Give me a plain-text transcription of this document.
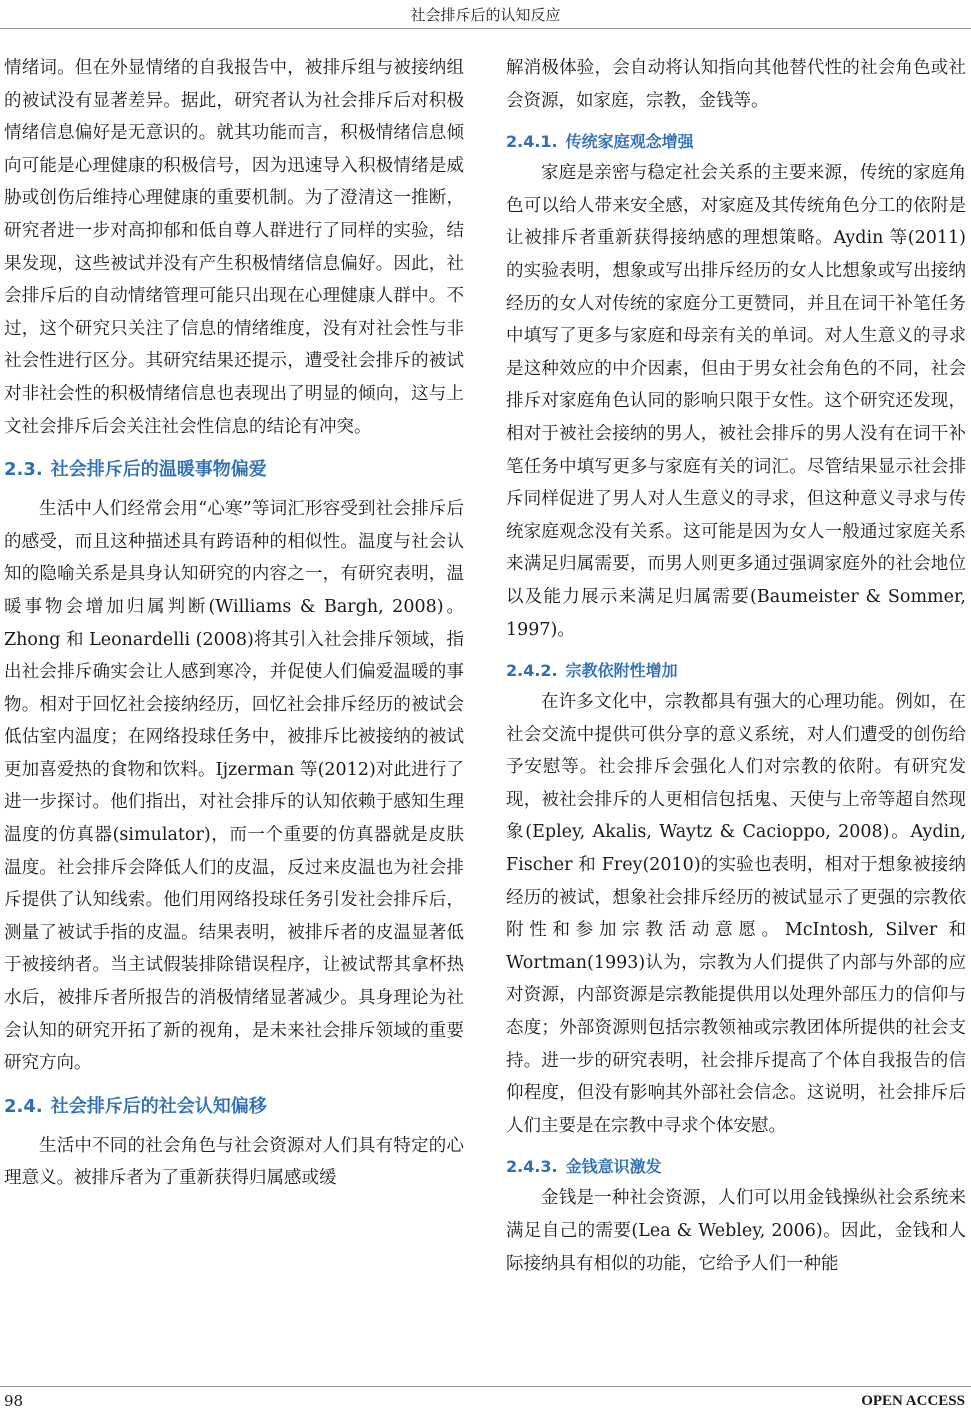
社会排斥后的认知反应

情绪词。但在外显情绪的自我报告中，被排斥组与被接纳组的被试没有显著差异。据此，研究者认为社会排斥后对积极情绪信息偏好是无意识的。就其功能而言，积极情绪信息倾向可能是心理健康的积极信号，因为迅速导入积极情绪是威胁或创伤后维持心理健康的重要机制。为了澄清这一推断，研究者进一步对高抑郁和低自尊人群进行了同样的实验，结果发现，这些被试并没有产生积极情绪信息偏好。因此，社会排斥后的自动情绪管理可能只出现在心理健康人群中。不过，这个研究只关注了信息的情绪维度，没有对社会性与非社会性进行区分。其研究结果还提示，遭受社会排斥的被试对非社会性的积极情绪信息也表现出了明显的倾向，这与上文社会排斥后会关注社会性信息的结论有冲突。

2.3. 社会排斥后的温暖事物偏爱

生活中人们经常会用“心寒”等词汇形容受到社会排斥后的感受，而且这种描述具有跨语种的相似性。温度与社会认知的隐喻关系是具身认知研究的内容之一，有研究表明，温暖事物会增加归属判断(Williams & Bargh, 2008)。Zhong 和 Leonardelli (2008)将其引入社会排斥领域，指出社会排斥确实会让人感到寒冷，并促使人们偏爱温暖的事物。相对于回忆社会接纳经历，回忆社会排斥经历的被试会低估室内温度；在网络投球任务中，被排斥比被接纳的被试更加喜爱热的食物和饮料。Ijzerman 等(2012)对此进行了进一步探讨。他们指出，对社会排斥的认知依赖于感知生理温度的仿真器(simulator)，而一个重要的仿真器就是皮肤温度。社会排斥会降低人们的皮温，反过来皮温也为社会排斥提供了认知线索。他们用网络投球任务引发社会排斥后，测量了被试手指的皮温。结果表明，被排斥者的皮温显著低于被接纳者。当主试假装排除错误程序，让被试帮其拿杯热水后，被排斥者所报告的消极情绪显著减少。具身理论为社会认知的研究开拓了新的视角，是未来社会排斥领域的重要研究方向。

2.4. 社会排斥后的社会认知偏移

生活中不同的社会角色与社会资源对人们具有特定的心理意义。被排斥者为了重新获得归属感或缓

解消极体验，会自动将认知指向其他替代性的社会角色或社会资源，如家庭，宗教，金钱等。

2.4.1. 传统家庭观念增强

家庭是亲密与稳定社会关系的主要来源，传统的家庭角色可以给人带来安全感，对家庭及其传统角色分工的依附是让被排斥者重新获得接纳感的理想策略。Aydin 等(2011)的实验表明，想象或写出排斥经历的女人比想象或写出接纳经历的女人对传统的家庭分工更赞同，并且在词干补笔任务中填写了更多与家庭和母亲有关的单词。对人生意义的寻求是这种效应的中介因素，但由于男女社会角色的不同，社会排斥对家庭角色认同的影响只限于女性。这个研究还发现，相对于被社会接纳的男人，被社会排斥的男人没有在词干补笔任务中填写更多与家庭有关的词汇。尽管结果显示社会排斥同样促进了男人对人生意义的寻求，但这种意义寻求与传统家庭观念没有关系。这可能是因为女人一般通过家庭关系来满足归属需要，而男人则更多通过强调家庭外的社会地位以及能力展示来满足归属需要(Baumeister & Sommer, 1997)。

2.4.2. 宗教依附性增加

在许多文化中，宗教都具有强大的心理功能。例如，在社会交流中提供可供分享的意义系统，对人们遭受的创伤给予安慰等。社会排斥会强化人们对宗教的依附。有研究发现，被社会排斥的人更相信包括鬼、天使与上帝等超自然现象(Epley, Akalis, Waytz & Cacioppo, 2008)。Aydin, Fischer 和 Frey(2010)的实验也表明，相对于想象被接纳经历的被试，想象社会排斥经历的被试显示了更强的宗教依附性和参加宗教活动意愿。McIntosh, Silver 和 Wortman(1993)认为，宗教为人们提供了内部与外部的应对资源，内部资源是宗教能提供用以处理外部压力的信仰与态度；外部资源则包括宗教领袖或宗教团体所提供的社会支持。进一步的研究表明，社会排斥提高了个体自我报告的信仰程度，但没有影响其外部社会信念。这说明，社会排斥后人们主要是在宗教中寻求个体安慰。

2.4.3. 金钱意识激发

金钱是一种社会资源，人们可以用金钱操纵社会系统来满足自己的需要(Lea & Webley, 2006)。因此，金钱和人际接纳具有相似的功能，它给予人们一种能

98	OPEN ACCESS
